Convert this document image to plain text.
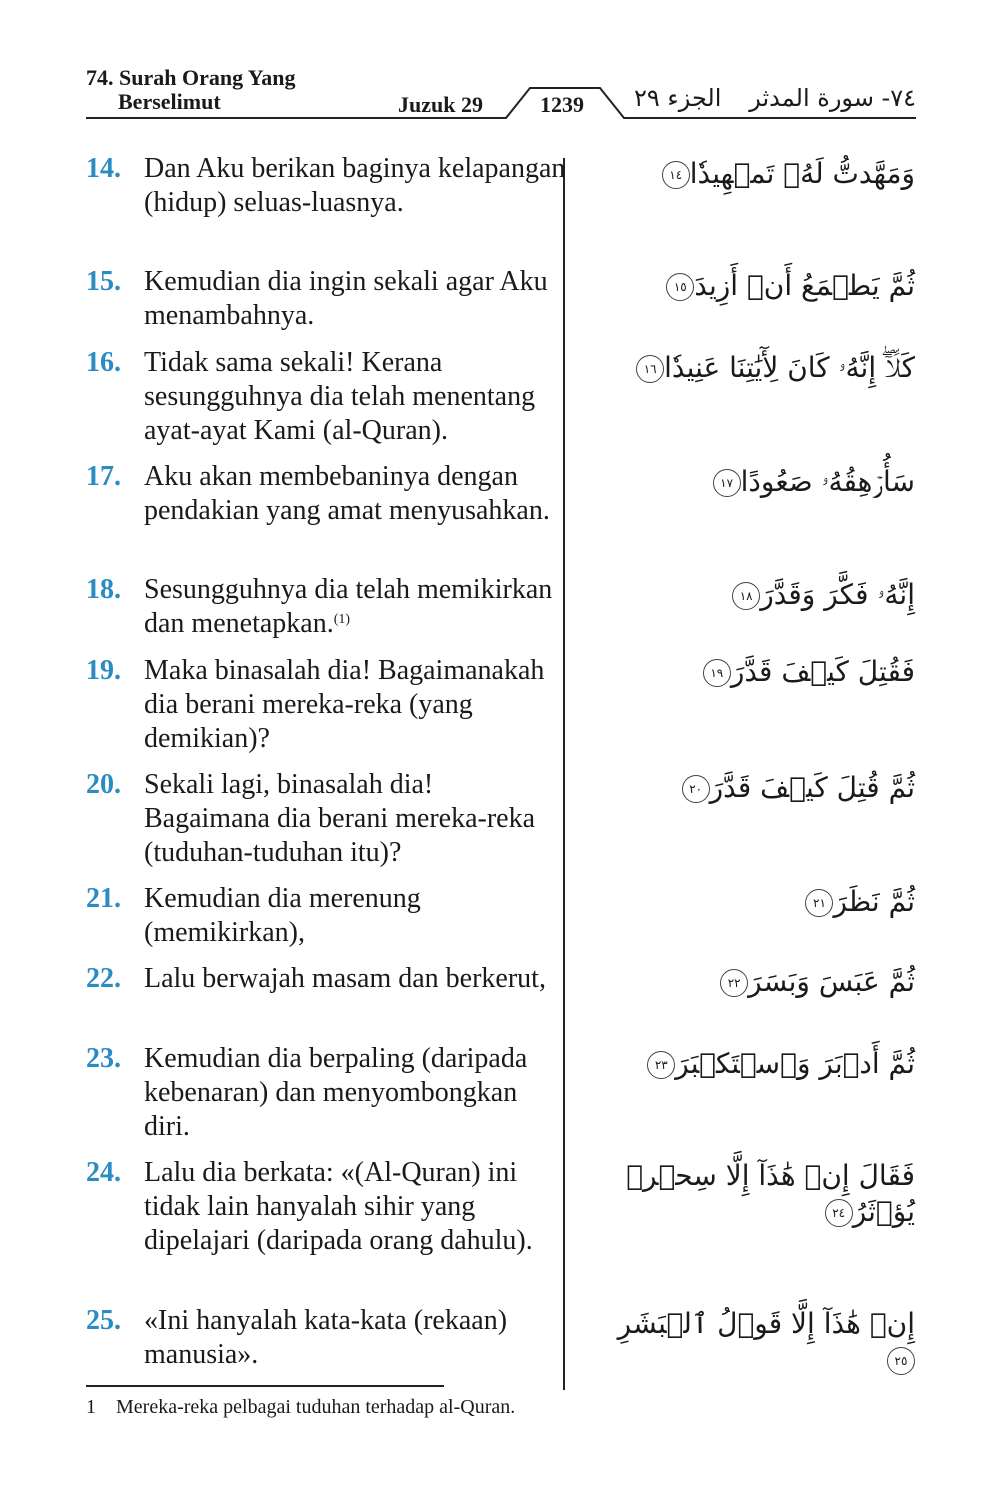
74. Surah Orang Yang
Berselimut	Juzuk 29	1239 الجزء ٢٩ ٧٤- سورة المدثر
14. Dan Aku berikan baginya kelapangan (hidup) seluas-luasnya.
وَمَهَّدتُّ لَهُۥ تَمۡهِيدٗا١٤
15. Kemudian dia ingin sekali agar Aku menambahnya.
ثُمَّ يَطۡمَعُ أَنۡ أَزِيدَ١٥
16. Tidak sama sekali! Kerana sesungguhnya dia telah menentang ayat-ayat Kami (al-Quran).
كَلَّآۖ إِنَّهُۥ كَانَ لِأٓيَٰتِنَا عَنِيدٗا١٦
17. Aku akan membebaninya dengan pendakian yang amat menyusahkan.
سَأُرۡهِقُهُۥ صَعُودًا١٧
18. Sesungguhnya dia telah memikirkan dan menetapkan.$^{(1)}$
إِنَّهُۥ فَكَّرَ وَقَدَّرَ١٨
19. Maka binasalah dia! Bagaimanakah dia berani mereka-reka (yang demikian)?
فَقُتِلَ كَيۡفَ قَدَّرَ١٩
20. Sekali lagi, binasalah dia! Bagaimana dia berani mereka-reka (tuduhan-tuduhan itu)?
ثُمَّ قُتِلَ كَيۡفَ قَدَّرَ٢٠
21. Kemudian dia merenung (memikirkan),
ثُمَّ نَظَرَ٢١
22. Lalu berwajah masam dan berkerut,	ثُمَّ عَبَسَ وَبَسَرَ٢٢
23. Kemudian dia berpaling (daripada kebenaran) dan menyombongkan diri.
ثُمَّ أَدۡبَرَ وَٱسۡتَكۡبَرَ٢٣
24. Lalu dia berkata: «(Al-Quran) ini tidak lain hanyalah sihir yang dipelajari (daripada orang dahulu).
فَقَالَ إِنۡ هَٰذَآ إِلَّا سِحۡرٞ يُؤۡثَرُ٢٤
25. «Ini hanyalah kata-kata (rekaan) manusia».
إِنۡ هَٰذَآ إِلَّا قَوۡلُ ٱلۡبَشَرِ٢٥
1 Mereka-reka pelbagai tuduhan terhadap al-Quran.
